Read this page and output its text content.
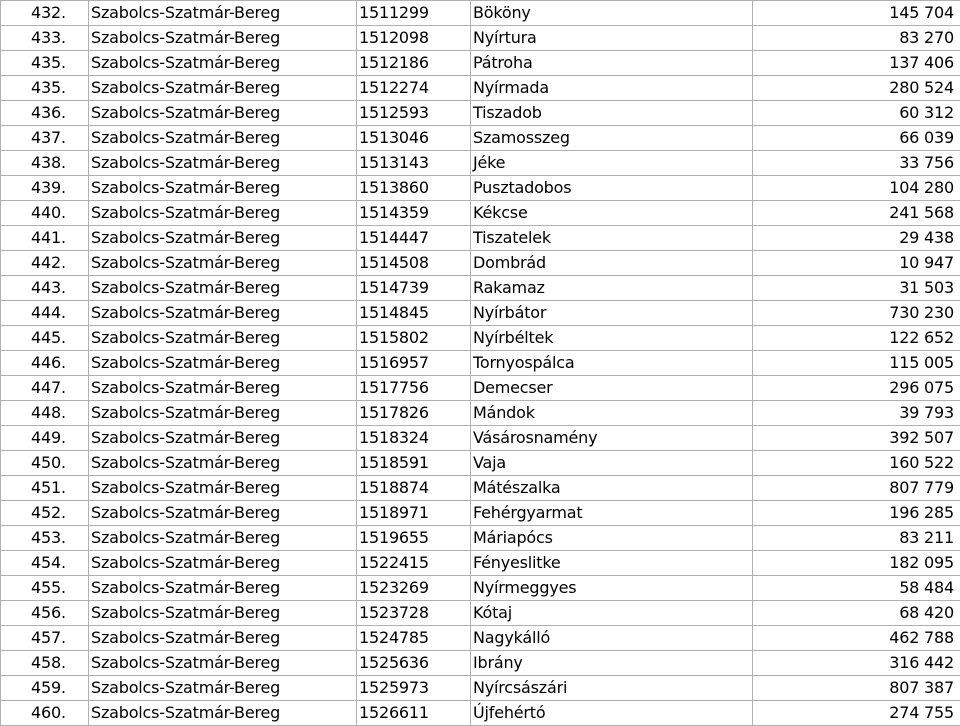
432.	Szabolcs-Szatmár-Bereg	1511299	Bököny	145 704
433.	Szabolcs-Szatmár-Bereg	1512098	Nyírtura	83 270
435.	Szabolcs-Szatmár-Bereg	1512186	Pátroha	137 406
435.	Szabolcs-Szatmár-Bereg	1512274	Nyírmada	280 524
436.	Szabolcs-Szatmár-Bereg	1512593	Tiszadob	60 312
437.	Szabolcs-Szatmár-Bereg	1513046	Szamosszeg	66 039
438.	Szabolcs-Szatmár-Bereg	1513143	Jéke	33 756
439.	Szabolcs-Szatmár-Bereg	1513860	Pusztadobos	104 280
440.	Szabolcs-Szatmár-Bereg	1514359	Kékcse	241 568
441.	Szabolcs-Szatmár-Bereg	1514447	Tiszatelek	29 438
442.	Szabolcs-Szatmár-Bereg	1514508	Dombrád	10 947
443.	Szabolcs-Szatmár-Bereg	1514739	Rakamaz	31 503
444.	Szabolcs-Szatmár-Bereg	1514845	Nyírbátor	730 230
445.	Szabolcs-Szatmár-Bereg	1515802	Nyírbéltek	122 652
446.	Szabolcs-Szatmár-Bereg	1516957	Tornyospálca	115 005
447.	Szabolcs-Szatmár-Bereg	1517756	Demecser	296 075
448.	Szabolcs-Szatmár-Bereg	1517826	Mándok	39 793
449.	Szabolcs-Szatmár-Bereg	1518324	Vásárosnamény	392 507
450.	Szabolcs-Szatmár-Bereg	1518591	Vaja	160 522
451.	Szabolcs-Szatmár-Bereg	1518874	Mátészalka	807 779
452.	Szabolcs-Szatmár-Bereg	1518971	Fehérgyarmat	196 285
453.	Szabolcs-Szatmár-Bereg	1519655	Máriapócs	83 211
454.	Szabolcs-Szatmár-Bereg	1522415	Fényeslitke	182 095
455.	Szabolcs-Szatmár-Bereg	1523269	Nyírmeggyes	58 484
456.	Szabolcs-Szatmár-Bereg	1523728	Kótaj	68 420
457.	Szabolcs-Szatmár-Bereg	1524785	Nagykálló	462 788
458.	Szabolcs-Szatmár-Bereg	1525636	Ibrány	316 442
459.	Szabolcs-Szatmár-Bereg	1525973	Nyírcsászári	807 387
460.	Szabolcs-Szatmár-Bereg	1526611	Újfehértó	274 755
